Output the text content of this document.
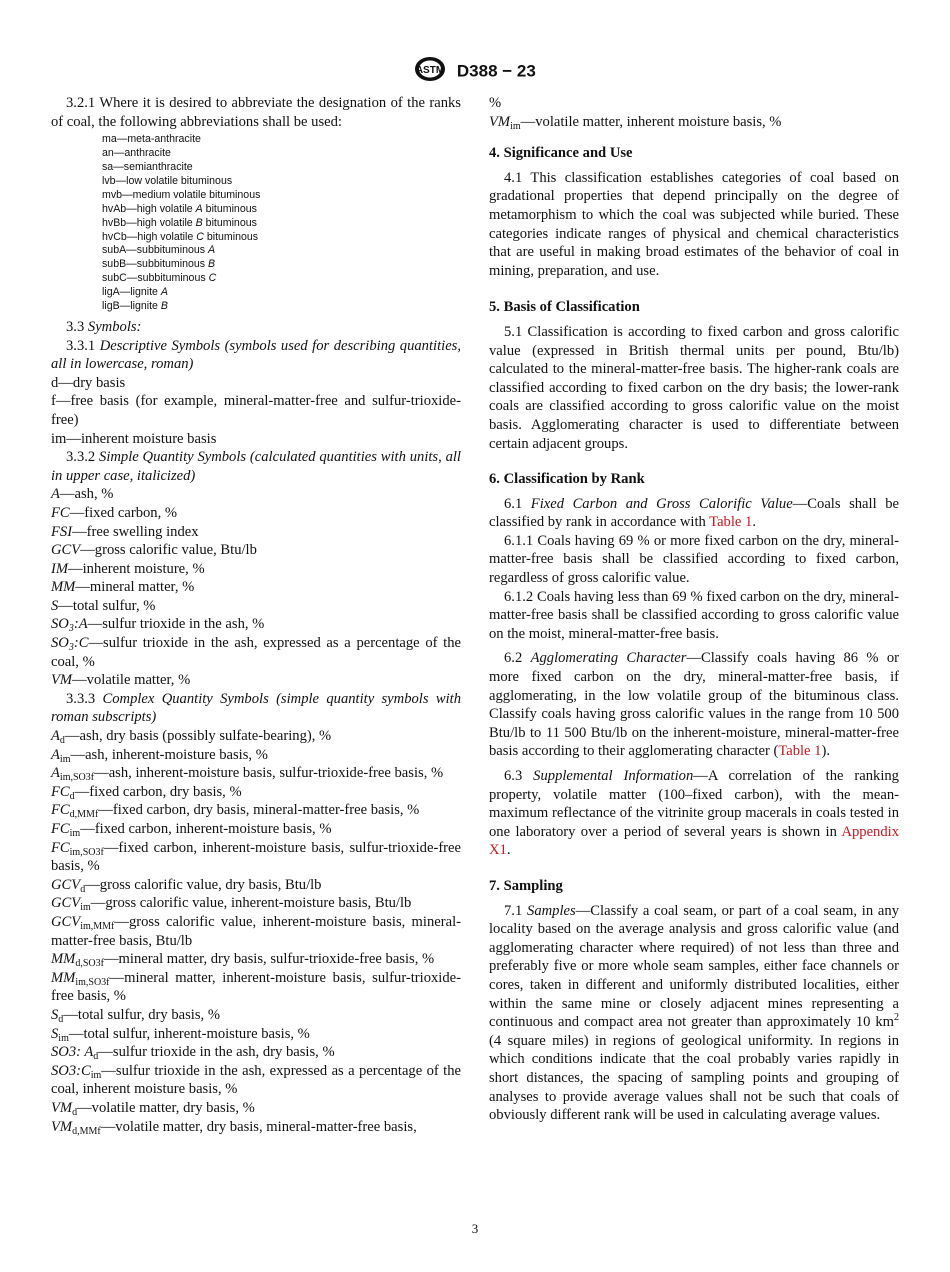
ASTM D388 − 23

3.2.1 Where it is desired to abbreviate the designation of the ranks of coal, the following abbreviations shall be used:

ma—meta-anthracite
an—anthracite
sa—semianthracite
lvb—low volatile bituminous
mvb—medium volatile bituminous
hvAb—high volatile A bituminous
hvBb—high volatile B bituminous
hvCb—high volatile C bituminous
subA—subbituminous A
subB—subbituminous B
subC—subbituminous C
ligA—lignite A
ligB—lignite B

3.3 Symbols:

3.3.1 Descriptive Symbols (symbols used for describing quantities, all in lowercase, roman)

d—dry basis

f—free basis (for example, mineral-matter-free and sulfur-trioxide-free)

im—inherent moisture basis

3.3.2 Simple Quantity Symbols (calculated quantities with units, all in upper case, italicized)

A—ash, %

FC—fixed carbon, %

FSI—free swelling index

GCV—gross calorific value, Btu/lb

IM—inherent moisture, %

MM—mineral matter, %

S—total sulfur, %

$SO_3:A—sulfur$ trioxide in the ash, %

$SO_3:C—sulfur$ trioxide in the ash, expressed as a percentage of the coal, %

VM—volatile matter, %

3.3.3 Complex Quantity Symbols (simple quantity symbols with roman subscripts)

$A_d—ash$, dry basis (possibly sulfate-bearing), %

$A_{im}—ash$, inherent-moisture basis, %

$A_{im,SO3f}—ash$, inherent-moisture basis, sulfur-trioxide-free basis, %

$FC_d—fixed$ carbon, dry basis, %

$FC_{d,MMf}—fixed$ carbon, dry basis, mineral-matter-free basis, %

$FC_{im}—fixed$ carbon, inherent-moisture basis, %

$FC_{im,SO3f}—fixed$ carbon, inherent-moisture basis, sulfur-trioxide-free basis, %

$GCV_d—gross$ calorific value, dry basis, Btu/lb

$GCV_{im}—gross$ calorific value, inherent-moisture basis, Btu/lb

$GCV_{im,MMf}—gross$ calorific value, inherent-moisture basis, mineral-matter-free basis, Btu/lb

$MM_{d,SO3f}—mineral$ matter, dry basis, sulfur-trioxide-free basis, %

$MM_{im,SO3f}—mineral$ matter, inherent-moisture basis, sulfur-trioxide-free basis, %

$S_d—total$ sulfur, dry basis, %

$S_{im}—total$ sulfur, inherent-moisture basis, %

SO3: $A_d—sulfur$ trioxide in the ash, dry basis, %

$SO3:C_{im}—sulfur$ trioxide in the ash, expressed as a percentage of the coal, inherent moisture basis, %

$VM_d—volatile$ matter, dry basis, %

$VM_{d,MMf}—volatile$ matter, dry basis, mineral-matter-free basis,

%

$VM_{im}—volatile$ matter, inherent moisture basis, %

4. Significance and Use

4.1 This classification establishes categories of coal based on gradational properties that depend principally on the degree of metamorphism to which the coal was subjected while buried. These categories indicate ranges of physical and chemical characteristics that are useful in making broad estimates of the behavior of coal in mining, preparation, and use.

5. Basis of Classification

5.1 Classification is according to fixed carbon and gross calorific value (expressed in British thermal units per pound, Btu/lb) calculated to the mineral-matter-free basis. The higher-rank coals are classified according to fixed carbon on the dry basis; the lower-rank coals are classified according to gross calorific value on the moist basis. Agglomerating character is used to differentiate between certain adjacent groups.

6. Classification by Rank

6.1 Fixed Carbon and Gross Calorific Value—Coals shall be classified by rank in accordance with Table 1.

6.1.1 Coals having 69 % or more fixed carbon on the dry, mineral-matter-free basis shall be classified according to fixed carbon, regardless of gross calorific value.

6.1.2 Coals having less than 69 % fixed carbon on the dry, mineral-matter-free basis shall be classified according to gross calorific value on the moist, mineral-matter-free basis.

6.2 Agglomerating Character—Classify coals having 86 % or more fixed carbon on the dry, mineral-matter-free basis, if agglomerating, in the low volatile group of the bituminous class. Classify coals having gross calorific values in the range from 10 500 Btu/lb to 11 500 Btu/lb on the inherent-moisture, mineral-matter-free basis according to their agglomerating character (Table 1).

6.3 Supplemental Information—A correlation of the ranking property, volatile matter (100–fixed carbon), with the mean-maximum reflectance of the vitrinite group macerals in coals tested in one laboratory over a period of several years is shown in Appendix X1.

7. Sampling

7.1 Samples—Classify a coal seam, or part of a coal seam, in any locality based on the average analysis and gross calorific value (and agglomerating character where required) of not less than three and preferably five or more whole seam samples, either face channels or cores, taken in different and uniformly distributed localities, either within the same mine or closely adjacent mines representing a continuous and compact area not greater than approximately 10 $km^2$ (4 square miles) in regions of geological uniformity. In regions in which conditions indicate that the coal probably varies rapidly in short distances, the spacing of sampling points and grouping of analyses to provide average values shall not be such that coals of obviously different rank will be used in calculating average values.

3
